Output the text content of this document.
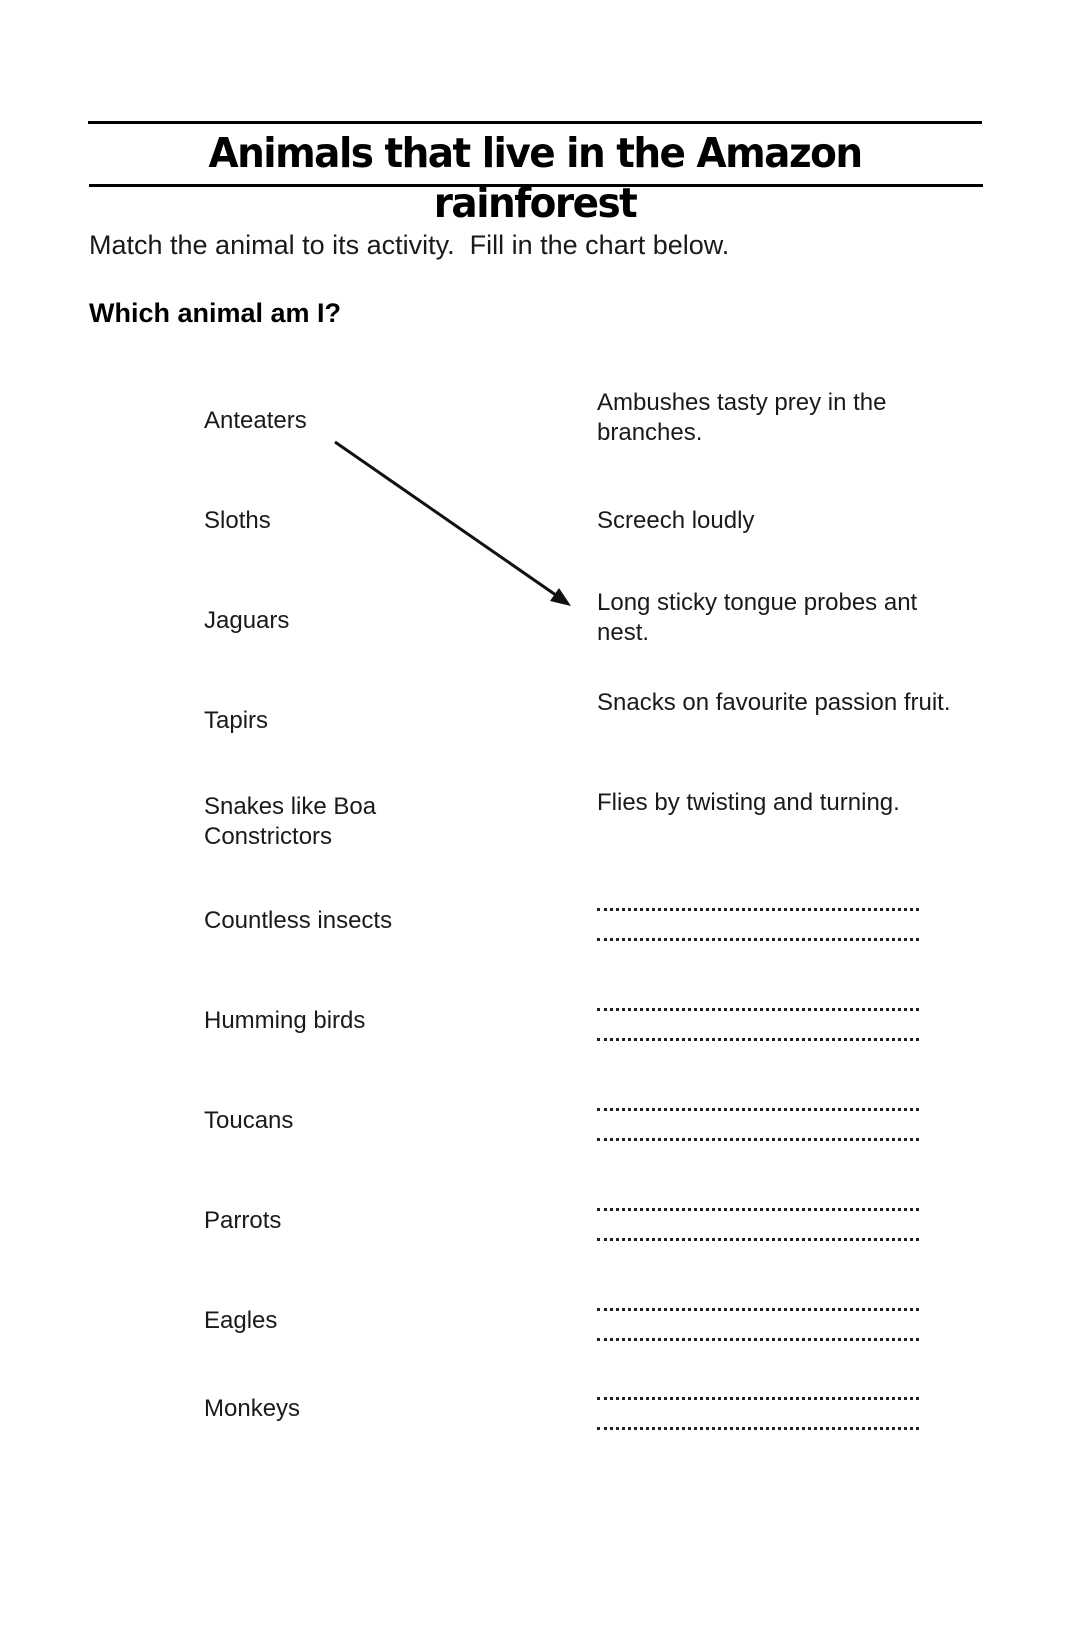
Animals that live in the Amazon rainforest
Match the animal to its activity.  Fill in the chart below.
Which animal am I?
Anteaters
Sloths
Jaguars
Tapirs
Snakes like Boa Constrictors
Countless insects
Humming birds
Toucans
Parrots
Eagles
Monkeys
Ambushes tasty prey in the branches.
Screech loudly
Long sticky tongue probes ant nest.
Snacks on favourite passion fruit.
Flies by twisting and turning.
